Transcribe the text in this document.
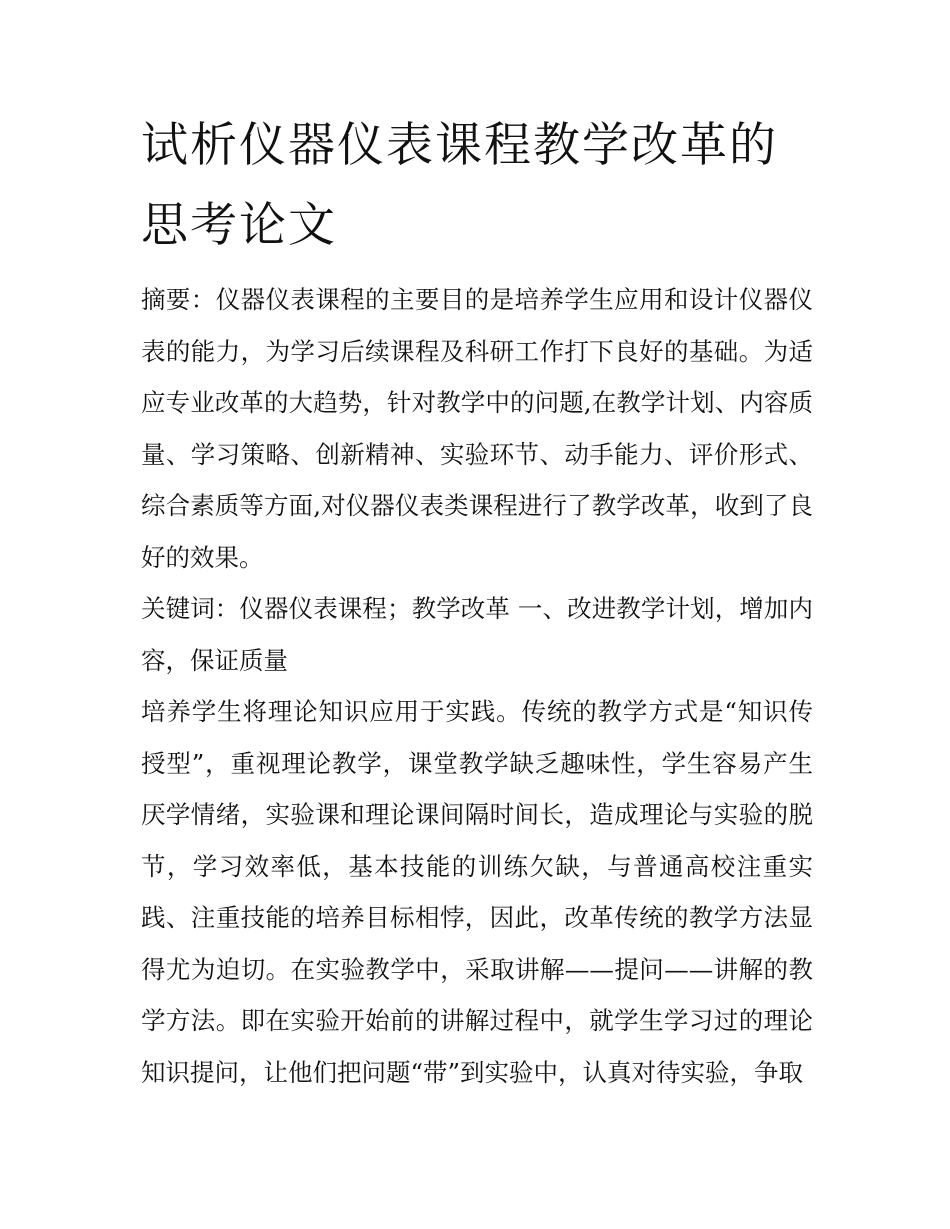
试析仪器仪表课程教学改革的思考论文

摘要：仪器仪表课程的主要目的是培养学生应用和设计仪器仪表的能力，为学习后续课程及科研工作打下良好的基础。为适应专业改革的大趋势，针对教学中的问题,在教学计划、内容质量、学习策略、创新精神、实验环节、动手能力、评价形式、综合素质等方面,对仪器仪表类课程进行了教学改革，收到了良好的效果。

关键词：仪器仪表课程；教学改革 一、改进教学计划，增加内容，保证质量

培养学生将理论知识应用于实践。传统的教学方式是“知识传授型”，重视理论教学，课堂教学缺乏趣味性，学生容易产生厌学情绪，实验课和理论课间隔时间长，造成理论与实验的脱节，学习效率低，基本技能的训练欠缺，与普通高校注重实践、注重技能的培养目标相悖，因此，改革传统的教学方法显得尤为迫切。在实验教学中，采取讲解——提问——讲解的教学方法。即在实验开始前的讲解过程中，就学生学习过的理论知识提问，让他们把问题“带”到实验中，认真对待实验，争取
